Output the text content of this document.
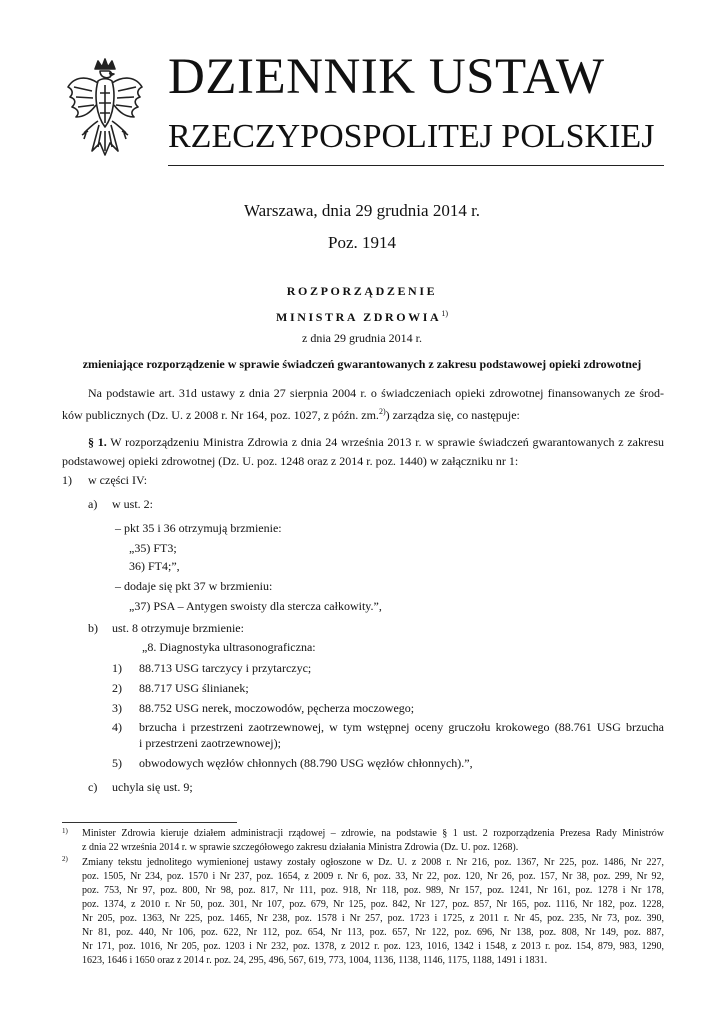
DZIENNIK USTAW
RZECZYPOSPOLITEJ POLSKIEJ
Warszawa, dnia 29 grudnia 2014 r.
Poz. 1914
ROZPORZĄDZENIE
MINISTRA ZDROWIA$^{1)}$
z dnia 29 grudnia 2014 r.
zmieniające rozporządzenie w sprawie świadczeń gwarantowanych z zakresu podstawowej opieki zdrowotnej
Na podstawie art. 31d ustawy z dnia 27 sierpnia 2004 r. o świadczeniach opieki zdrowotnej finansowanych ze środ-
ków publicznych (Dz. U. z 2008 r. Nr 164, poz. 1027, z późn. zm.$^{2)}$) zarządza się, co następuje:
§ 1. W rozporządzeniu Ministra Zdrowia z dnia 24 września 2013 r. w sprawie świadczeń gwarantowanych z zakresu
podstawowej opieki zdrowotnej (Dz. U. poz. 1248 oraz z 2014 r. poz. 1440) w załączniku nr 1:
1) w części IV:
a) w ust. 2:
– pkt 35 i 36 otrzymują brzmienie:
„35) FT3;
36) FT4;”,
– dodaje się pkt 37 w brzmieniu:
„37) PSA – Antygen swoisty dla stercza całkowity.”,
b) ust. 8 otrzymuje brzmienie:
„8. Diagnostyka ultrasonograficzna:
1) 88.713 USG tarczycy i przytarczyc;
2) 88.717 USG ślinianek;
3) 88.752 USG nerek, moczowodów, pęcherza moczowego;
4) brzucha i przestrzeni zaotrzewnowej, w tym wstępnej oceny gruczołu krokowego (88.761 USG brzucha
i przestrzeni zaotrzewnowej);
5) obwodowych węzłów chłonnych (88.790 USG węzłów chłonnych).”,
c) uchyla się ust. 9;
1) Minister Zdrowia kieruje działem administracji rządowej – zdrowie, na podstawie § 1 ust. 2 rozporządzenia Prezesa Rady Ministrów
z dnia 22 września 2014 r. w sprawie szczegółowego zakresu działania Ministra Zdrowia (Dz. U. poz. 1268).
2) Zmiany tekstu jednolitego wymienionej ustawy zostały ogłoszone w Dz. U. z 2008 r. Nr 216, poz. 1367, Nr 225, poz. 1486, Nr 227,
poz. 1505, Nr 234, poz. 1570 i Nr 237, poz. 1654, z 2009 r. Nr 6, poz. 33, Nr 22, poz. 120, Nr 26, poz. 157, Nr 38, poz. 299, Nr 92,
poz. 753, Nr 97, poz. 800, Nr 98, poz. 817, Nr 111, poz. 918, Nr 118, poz. 989, Nr 157, poz. 1241, Nr 161, poz. 1278 i Nr 178,
poz. 1374, z 2010 r. Nr 50, poz. 301, Nr 107, poz. 679, Nr 125, poz. 842, Nr 127, poz. 857, Nr 165, poz. 1116, Nr 182, poz. 1228,
Nr 205, poz. 1363, Nr 225, poz. 1465, Nr 238, poz. 1578 i Nr 257, poz. 1723 i 1725, z 2011 r. Nr 45, poz. 235, Nr 73, poz. 390,
Nr 81, poz. 440, Nr 106, poz. 622, Nr 112, poz. 654, Nr 113, poz. 657, Nr 122, poz. 696, Nr 138, poz. 808, Nr 149, poz. 887,
Nr 171, poz. 1016, Nr 205, poz. 1203 i Nr 232, poz. 1378, z 2012 r. poz. 123, 1016, 1342 i 1548, z 2013 r. poz. 154, 879, 983, 1290,
1623, 1646 i 1650 oraz z 2014 r. poz. 24, 295, 496, 567, 619, 773, 1004, 1136, 1138, 1146, 1175, 1188, 1491 i 1831.
